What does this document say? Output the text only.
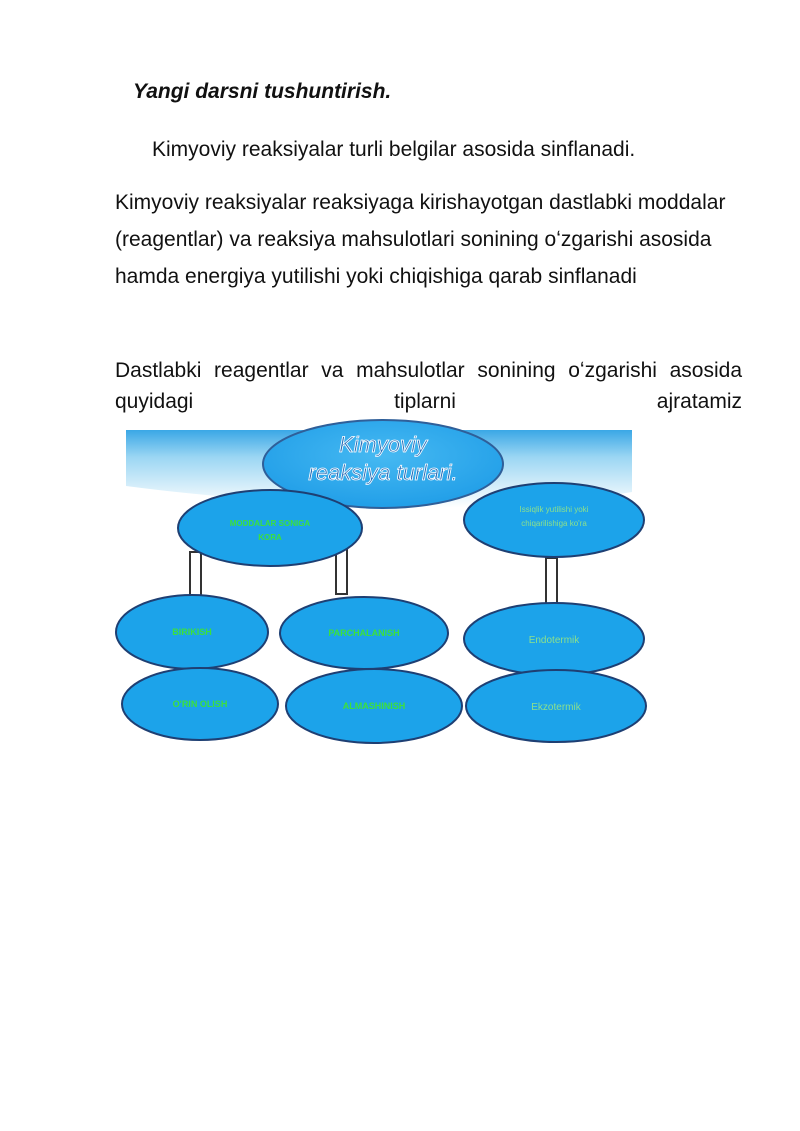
Yangi darsni tushuntirish.
Kimyoviy reaksiyalar turli belgilar asosida sinflanadi.
Kimyoviy reaksiyalar reaksiyaga kirishayotgan dastlabki moddalar (reagentlar) va reaksiya mahsulotlari sonining oʻzgarishi asosida hamda energiya yutilishi yoki chiqishiga qarab sinflanadi
Dastlabki reagentlar va mahsulotlar sonining oʻzgarishi asosida quyidagi tiplarni ajratamiz
Kimyoviy
reaksiya turlari.
MODDALAR SONIGA
KORA
Issiqlik yutilishi yoki
chiqarilishiga ko'ra
BIRIKISH	PARCHALANISH
Endotermik
O'RIN OLISH	ALMASHINISH	Ekzotermik
